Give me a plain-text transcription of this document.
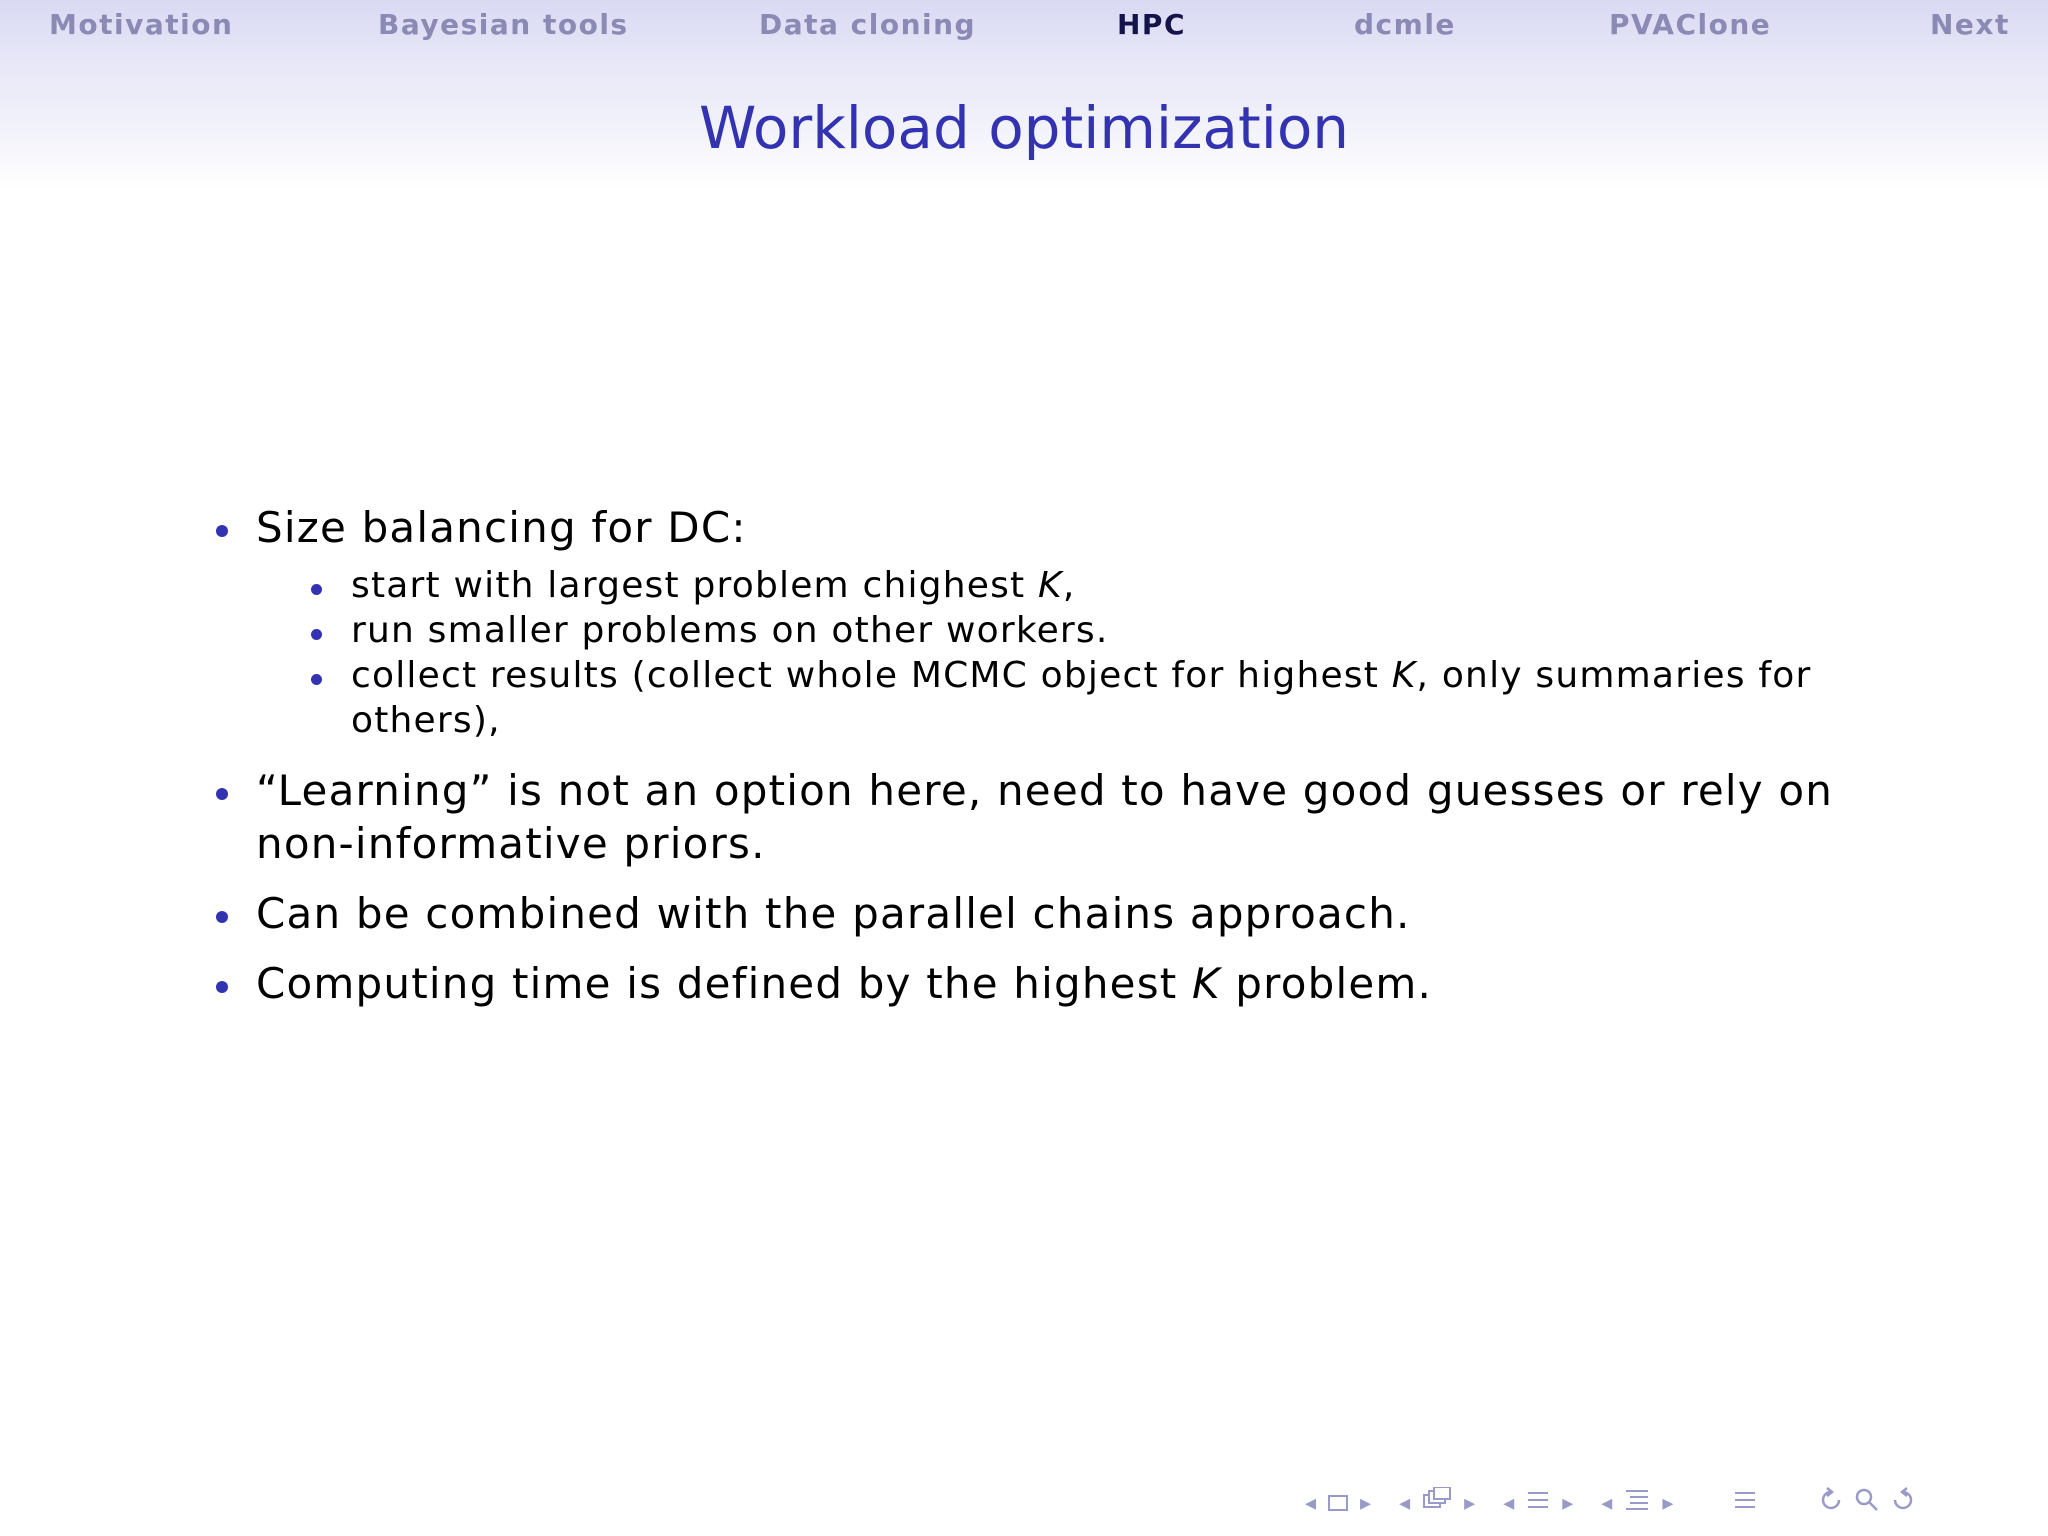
Motivation	Bayesian tools	Data cloning	HPC	dcmle	PVAClone	Next
Workload optimization
Size balancing for DC:
start with largest problem chighest K,
run smaller problems on other workers.
collect results (collect whole MCMC object for highest K, only summaries for
others),
“Learning” is not an option here, need to have good guesses or rely on
non-informative priors.
Can be combined with the parallel chains approach.
Computing time is defined by the highest K problem.
◂ ▸ ◂ ▸ ◂ ▸ ◂ ▸
